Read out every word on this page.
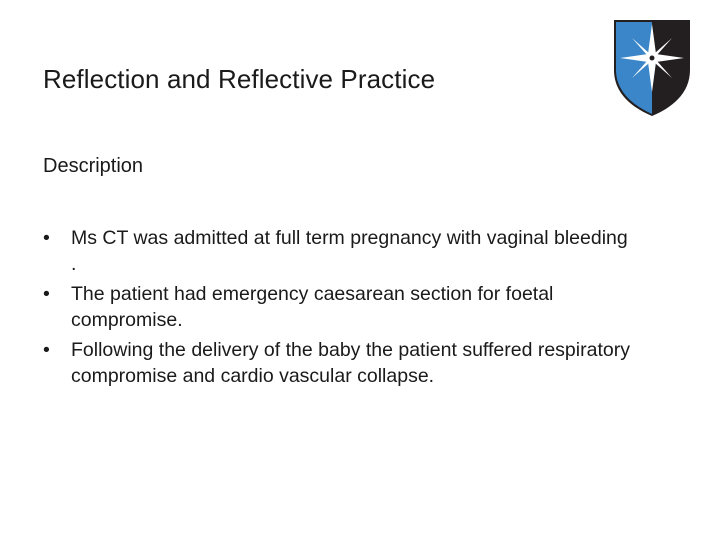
Reflection and Reflective Practice

Description

• Ms CT was admitted at full term pregnancy with vaginal bleeding .
• The patient had emergency caesarean section for foetal compromise.
• Following the delivery of the baby the patient suffered respiratory compromise and cardio vascular collapse.
